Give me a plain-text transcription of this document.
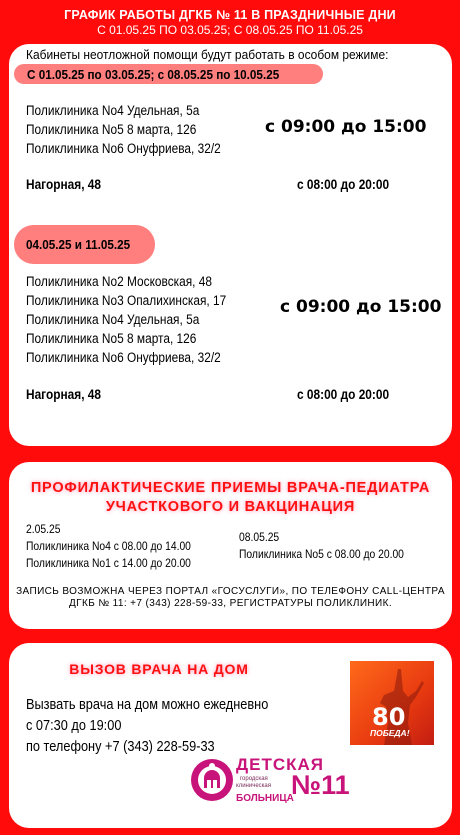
ГРАФИК РАБОТЫ ДГКБ № 11 В ПРАЗДНИЧНЫЕ ДНИ
С 01.05.25 ПО 03.05.25; С 08.05.25 ПО 11.05.25
Кабинеты неотложной помощи будут работать в особом режиме:
С 01.05.25 по 03.05.25; с 08.05.25 по 10.05.25
Поликлиника No4 Удельная, 5а
Поликлиника No5 8 марта, 126
Поликлиника No6 Онуфриева, 32/2
с 09:00 до 15:00
Нагорная, 48	с 08:00 до 20:00
04.05.25 и 11.05.25
Поликлиника No2 Московская, 48
Поликлиника No3 Опалихинская, 17
Поликлиника No4 Удельная, 5а
Поликлиника No5 8 марта, 126
Поликлиника No6 Онуфриева, 32/2
с 09:00 до 15:00
Нагорная, 48	с 08:00 до 20:00
ПРОФИЛАКТИЧЕСКИЕ ПРИЕМЫ ВРАЧА-ПЕДИАТРА
УЧАСТКОВОГО И ВАКЦИНАЦИЯ
2.05.25
Поликлиника No4 с 08.00 до 14.00
Поликлиника No1 с 14.00 до 20.00
08.05.25
Поликлиника No5 с 08.00 до 20.00
ЗАПИСЬ ВОЗМОЖНА ЧЕРЕЗ ПОРТАЛ «ГОСУСЛУГИ», ПО ТЕЛЕФОНУ CALL-ЦЕНТРА
ДГКБ № 11: +7 (343) 228-59-33, РЕГИСТРАТУРЫ ПОЛИКЛИНИК.
ВЫЗОВ ВРАЧА НА ДОМ
Вызвать врача на дом можно ежедневно
с 07:30 до 19:00
по телефону +7 (343) 228-59-33
80
ПОБЕДА!
ДЕТСКАЯ
городская
клиническая
БОЛЬНИЦА
№11
